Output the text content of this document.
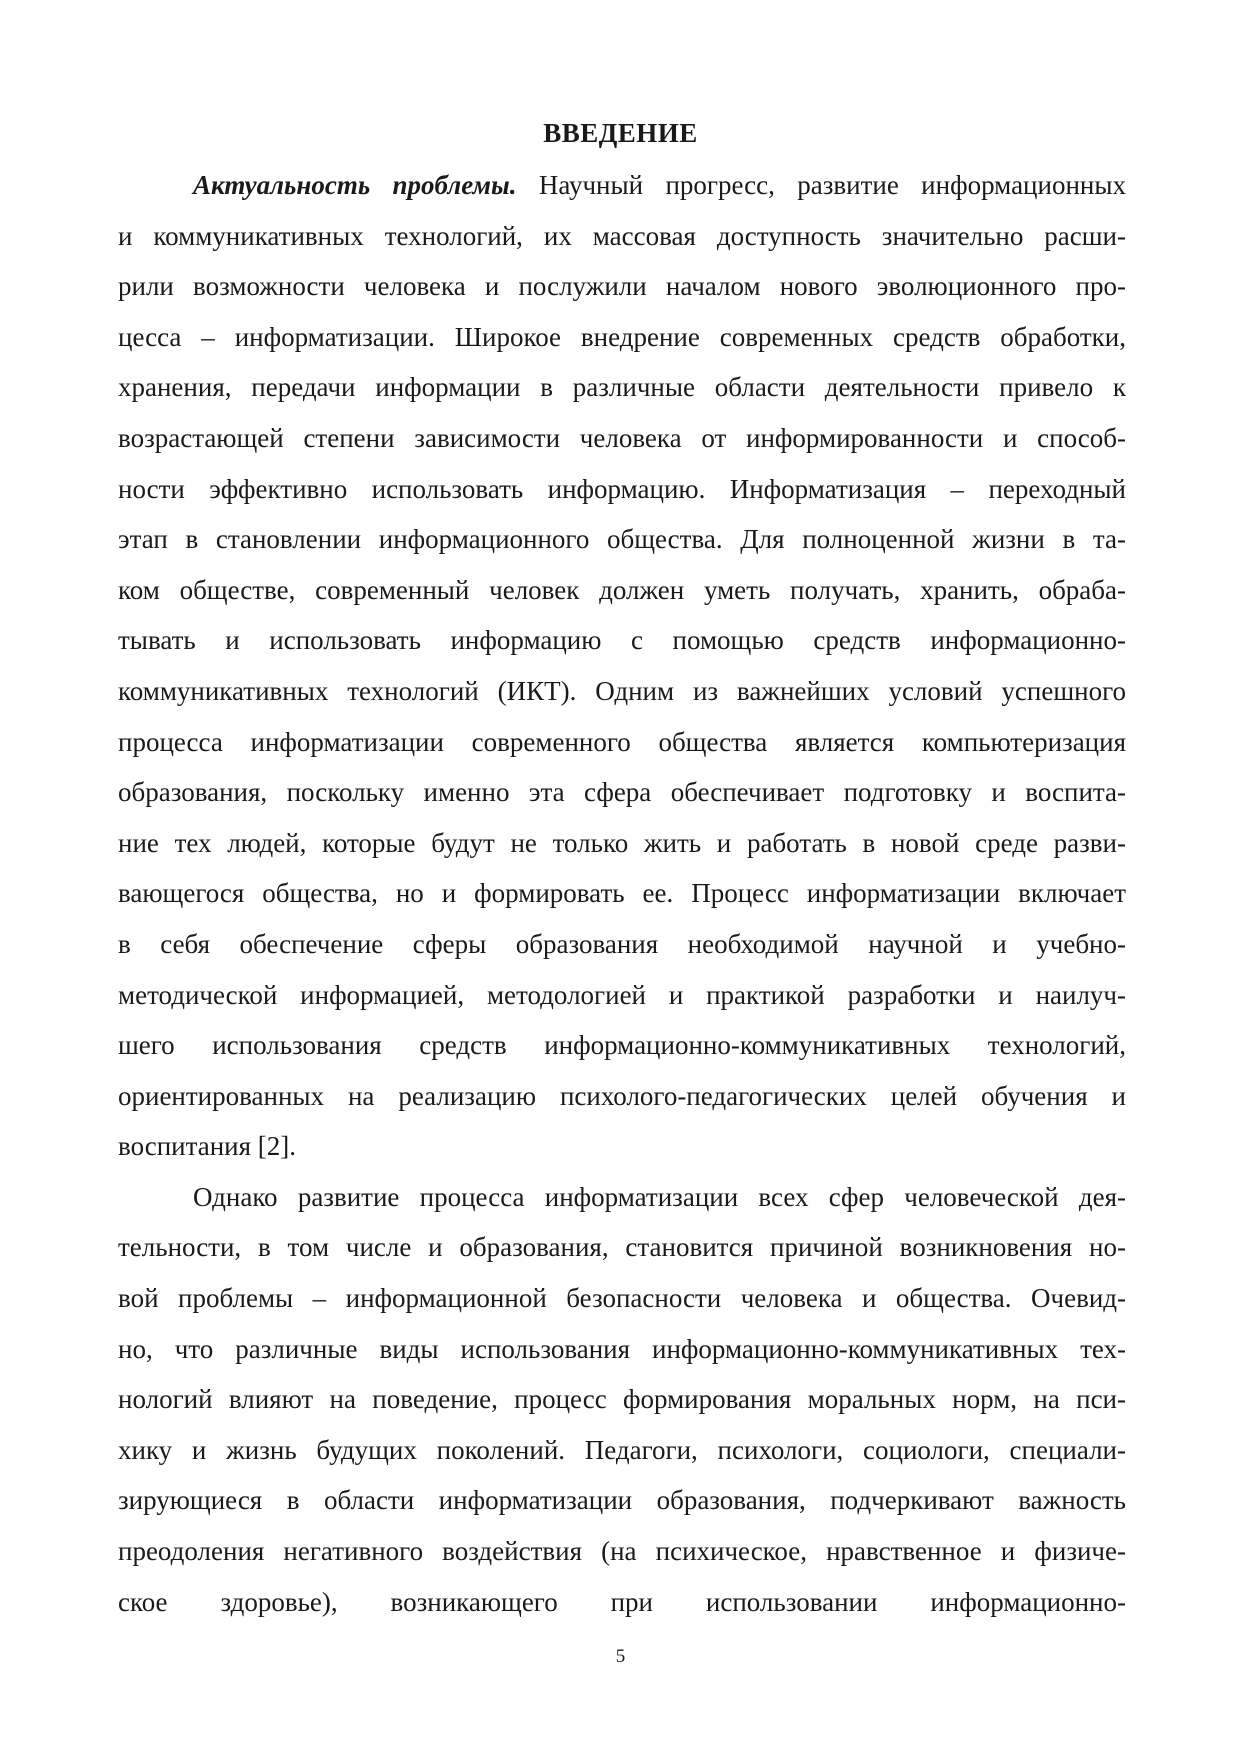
ВВЕДЕНИЕ
Актуальность проблемы. Научный прогресс, развитие информационных
и коммуникативных технологий, их массовая доступность значительно расши-
рили возможности человека и послужили началом нового эволюционного про-
цесса – информатизации. Широкое внедрение современных средств обработки,
хранения, передачи информации в различные области деятельности привело к
возрастающей степени зависимости человека от информированности и способ-
ности эффективно использовать информацию. Информатизация – переходный
этап в становлении информационного общества. Для полноценной жизни в та-
ком обществе, современный человек должен уметь получать, хранить, обраба-
тывать и использовать информацию с помощью средств информационно-
коммуникативных технологий (ИКТ). Одним из важнейших условий успешного
процесса информатизации современного общества является компьютеризация
образования, поскольку именно эта сфера обеспечивает подготовку и воспита-
ние тех людей, которые будут не только жить и работать в новой среде разви-
вающегося общества, но и формировать ее. Процесс информатизации включает
в себя обеспечение сферы образования необходимой научной и учебно-
методической информацией, методологией и практикой разработки и наилуч-
шего использования средств информационно-коммуникативных технологий,
ориентированных на реализацию психолого-педагогических целей обучения и
воспитания [2].
Однако развитие процесса информатизации всех сфер человеческой дея-
тельности, в том числе и образования, становится причиной возникновения но-
вой проблемы – информационной безопасности человека и общества. Очевид-
но, что различные виды использования информационно-коммуникативных тех-
нологий влияют на поведение, процесс формирования моральных норм, на пси-
хику и жизнь будущих поколений. Педагоги, психологи, социологи, специали-
зирующиеся в области информатизации образования, подчеркивают важность
преодоления негативного воздействия (на психическое, нравственное и физиче-
ское здоровье), возникающего при использовании информационно-
5
